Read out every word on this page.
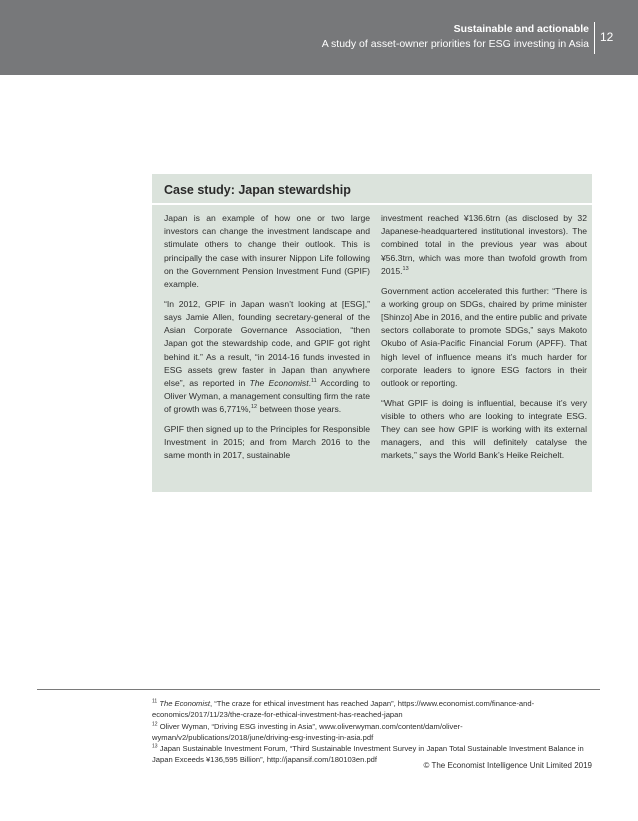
Sustainable and actionable
A study of asset-owner priorities for ESG investing in Asia 12
Case study: Japan stewardship

Japan is an example of how one or two large investors can change the investment landscape and stimulate others to change their outlook. This is principally the case with insurer Nippon Life following on the Government Pension Investment Fund (GPIF) example.

“In 2012, GPIF in Japan wasn’t looking at [ESG],” says Jamie Allen, founding secretary-general of the Asian Corporate Governance Association, “then Japan got the stewardship code, and GPIF got right behind it.” As a result, “in 2014-16 funds invested in ESG assets grew faster in Japan than anywhere else”, as reported in The Economist.$^{11}$ According to Oliver Wyman, a management consulting firm the rate of growth was 6,771%,$^{12}$ between those years.

GPIF then signed up to the Principles for Responsible Investment in 2015; and from March 2016 to the same month in 2017, sustainable

investment reached ¥136.6trn (as disclosed by 32 Japanese-headquartered institutional investors). The combined total in the previous year was about ¥56.3trn, which was more than twofold growth from 2015.13

Government action accelerated this further: “There is a working group on SDGs, chaired by prime minister [Shinzo] Abe in 2016, and the entire public and private sectors collaborate to promote SDGs,” says Makoto Okubo of Asia-Pacific Financial Forum (APFF). That high level of influence means it’s much harder for corporate leaders to ignore ESG factors in their outlook or reporting.

“What GPIF is doing is influential, because it’s very visible to others who are looking to integrate ESG. They can see how GPIF is working with its external managers, and this will definitely catalyse the markets,” says the World Bank’s Heike Reichelt.

$^{11}$ The Economist, “The craze for ethical investment has reached Japan”, https://www.economist.com/finance-and-economics/2017/11/23/the-craze-for-ethical-investment-has-reached-japan
$^{12}$ Oliver Wyman, “Driving ESG investing in Asia”, www.oliverwyman.com/content/dam/oliver-wyman/v2/publications/2018/june/driving-esg-investing-in-asia.pdf
$^{13}$ Japan Sustainable Investment Forum, “Third Sustainable Investment Survey in Japan Total Sustainable Investment Balance in Japan Exceeds ¥136,595 Billion”, http://japansif.com/180103en.pdf
© The Economist Intelligence Unit Limited 2019
